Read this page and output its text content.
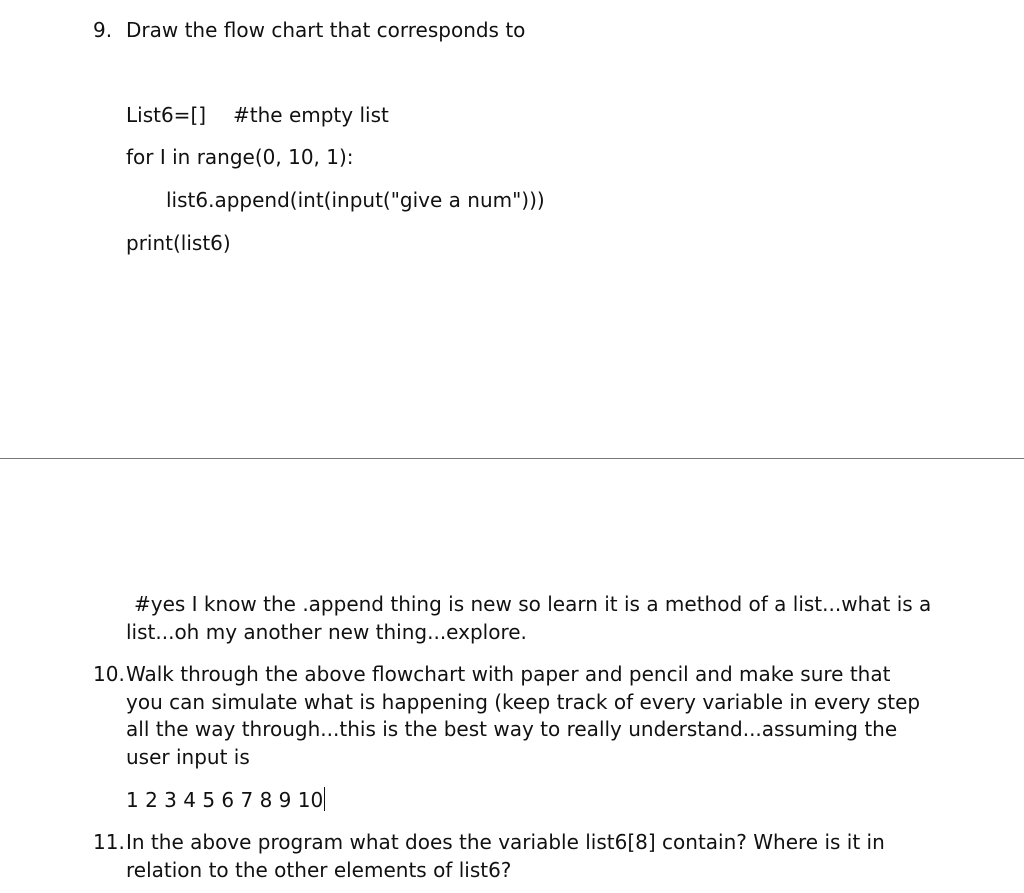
9. Draw the flow chart that corresponds to
List6=[] #the empty list
for I in range(0, 10, 1):
list6.append(int(input("give a num")))
print(list6)
#yes I know the .append thing is new so learn it is a method of a list...what is a
list...oh my another new thing...explore.
10. Walk through the above flowchart with paper and pencil and make sure that
you can simulate what is happening (keep track of every variable in every step
all the way through...this is the best way to really understand...assuming the
user input is
1 2 3 4 5 6 7 8 9 10
11. In the above program what does the variable list6[8] contain? Where is it in
relation to the other elements of list6?
